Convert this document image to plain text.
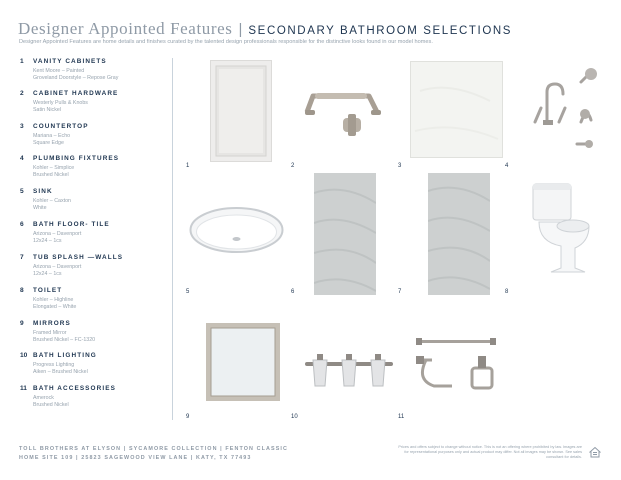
Designer Appointed Features | SECONDARY BATHROOM SELECTIONS
Designer Appointed Features are home details and finishes curated by the talented design professionals responsible for the distinctive looks found in our model homes.
1 VANITY CABINETS
Kent Moore – Painted
Groveland Doorstyle – Repose Gray
2 CABINET HARDWARE
Westerly Pulls & Knobs
Satin Nickel
3 COUNTERTOP
Mariana – Echo
Square Edge
4 PLUMBING FIXTURES
Kohler – Simplice
Brushed Nickel
5 SINK
Kohler – Caxton
White
6 BATH FLOOR- TILE
Arizona – Davenport
12x24 – 1cs
7 TUB SPLASH —WALLS
Arizona – Davenport
12x24 – 1cs
8 TOILET
Kohler – Highline
Elongated – White
9 MIRRORS
Framed Mirror
Brushed Nickel – FC-1320
10 BATH LIGHTING
Progress Lighting
Aiken – Brushed Nickel
11 BATH ACCESSORIES
Amerock
Brushed Nickel
1	2	3	4
5	6	7	8
9	10	11
TOLL BROTHERS AT ELYSON | SYCAMORE COLLECTION | FENTON CLASSIC
HOME SITE 109 | 25823 SAGEWOOD VIEW LANE | KATY, TX 77493
Prices and offers subject to change without notice. This is not an offering where prohibited by law. Images are for representational purposes only and actual product may differ. Not all images may be shown. See sales consultant for details.
